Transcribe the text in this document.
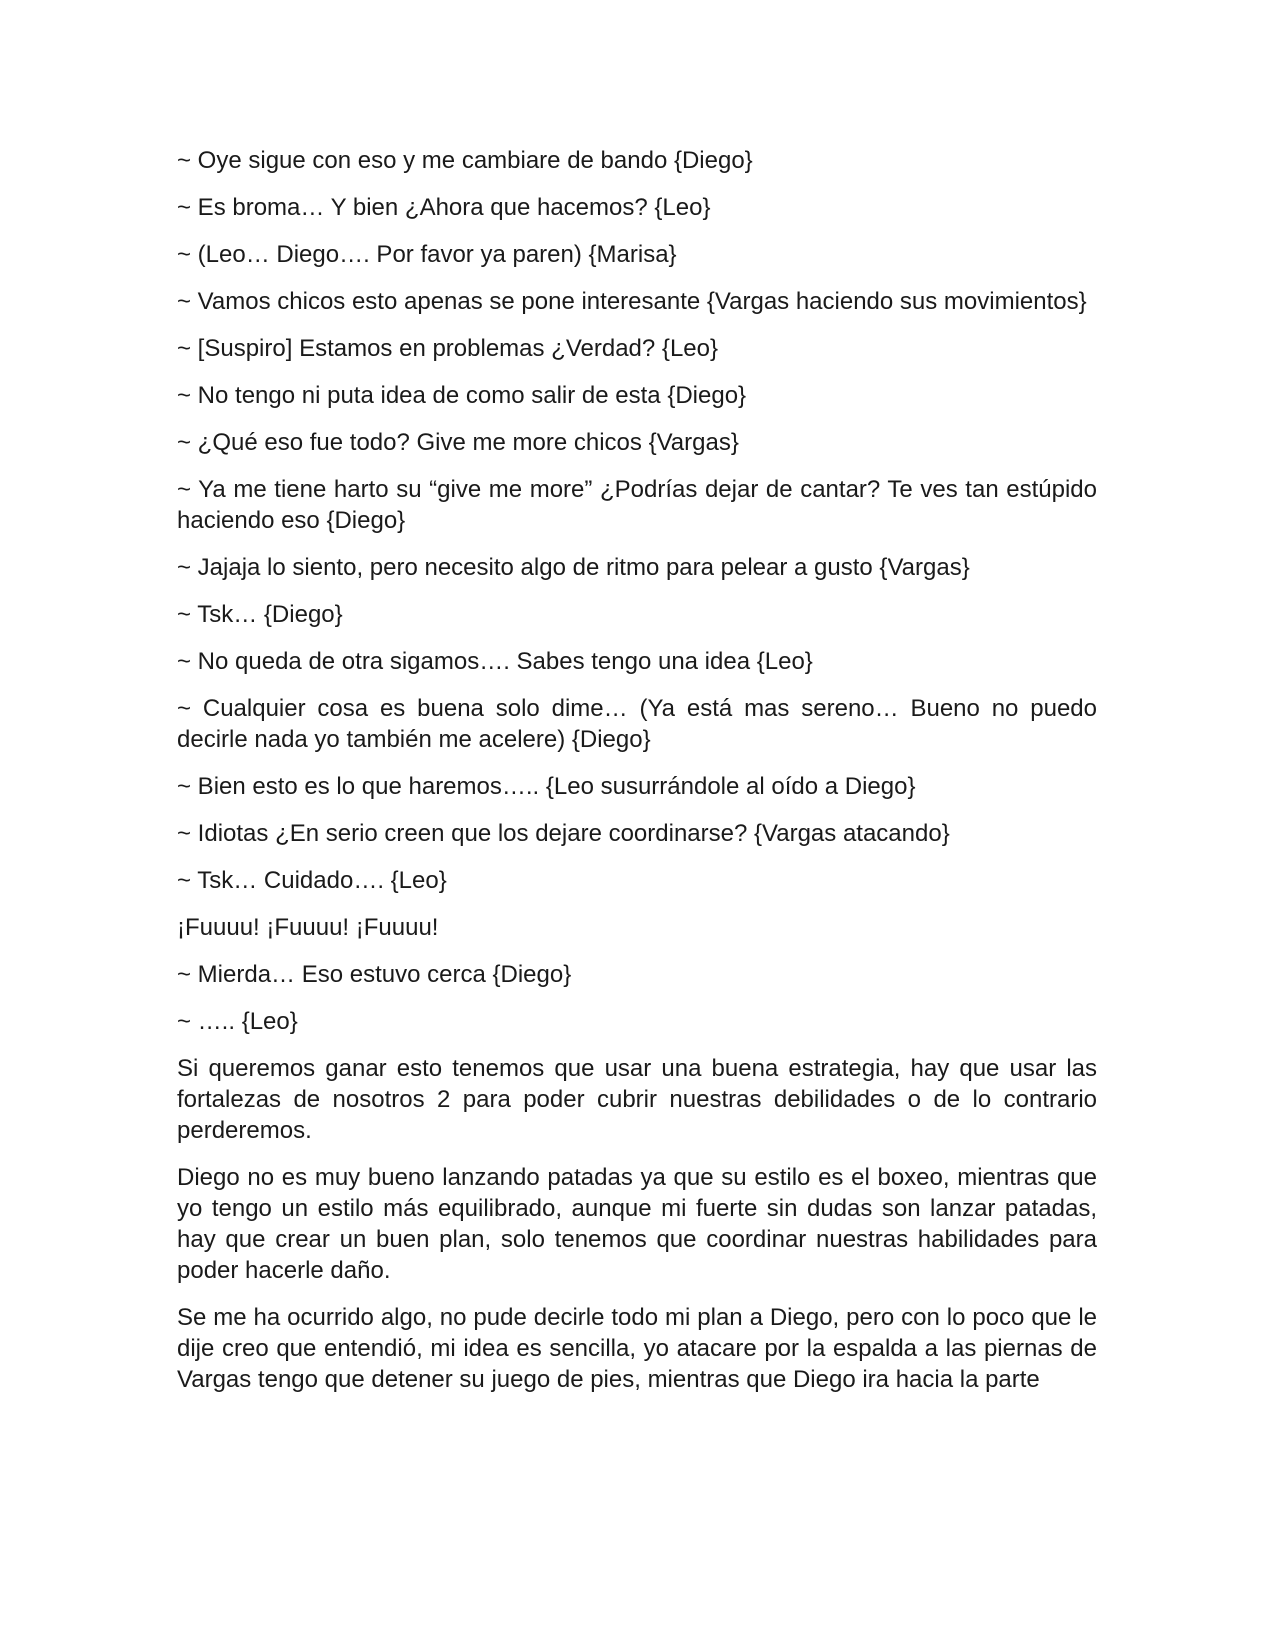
~ Oye sigue con eso y me cambiare de bando {Diego}

~ Es broma… Y bien ¿Ahora que hacemos? {Leo}

~ (Leo… Diego…. Por favor ya paren) {Marisa}

~ Vamos chicos esto apenas se pone interesante {Vargas haciendo sus movimientos}

~ [Suspiro] Estamos en problemas ¿Verdad? {Leo}

~ No tengo ni puta idea de como salir de esta {Diego}

~ ¿Qué eso fue todo? Give me more chicos {Vargas}

~ Ya me tiene harto su “give me more” ¿Podrías dejar de cantar? Te ves tan estúpido haciendo eso {Diego}

~ Jajaja lo siento, pero necesito algo de ritmo para pelear a gusto {Vargas}

~ Tsk… {Diego}

~ No queda de otra sigamos…. Sabes tengo una idea {Leo}

~ Cualquier cosa es buena solo dime… (Ya está mas sereno… Bueno no puedo decirle nada yo también me acelere) {Diego}

~ Bien esto es lo que haremos….. {Leo susurrándole al oído a Diego}

~ Idiotas ¿En serio creen que los dejare coordinarse? {Vargas atacando}

~ Tsk… Cuidado…. {Leo}

¡Fuuuu! ¡Fuuuu! ¡Fuuuu!

~ Mierda… Eso estuvo cerca {Diego}

~ ….. {Leo}

Si queremos ganar esto tenemos que usar una buena estrategia, hay que usar las fortalezas de nosotros 2 para poder cubrir nuestras debilidades o de lo contrario perderemos.

Diego no es muy bueno lanzando patadas ya que su estilo es el boxeo, mientras que yo tengo un estilo más equilibrado, aunque mi fuerte sin dudas son lanzar patadas, hay que crear un buen plan, solo tenemos que coordinar nuestras habilidades para poder hacerle daño.

Se me ha ocurrido algo, no pude decirle todo mi plan a Diego, pero con lo poco que le dije creo que entendió, mi idea es sencilla, yo atacare por la espalda a las piernas de Vargas tengo que detener su juego de pies, mientras que Diego ira hacia la parte
